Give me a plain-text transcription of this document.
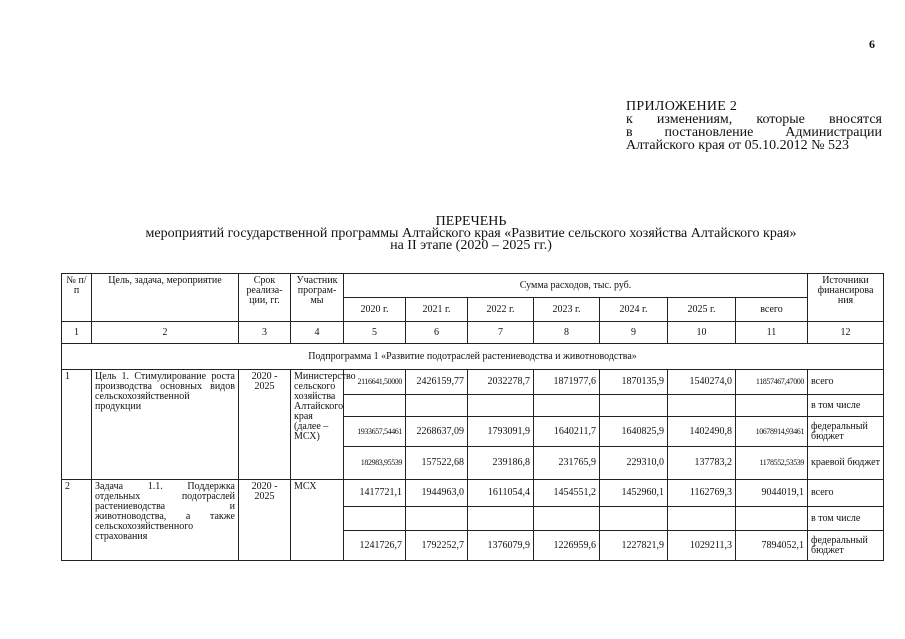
6
ПРИЛОЖЕНИЕ 2
к изменениям, которые вносятся
в постановление Администрации
Алтайского края от 05.10.2012 № 523
ПЕРЕЧЕНЬ
мероприятий государственной программы Алтайского края «Развитие сельского хозяйства Алтайского края»
на II этапе (2020 – 2025 гг.)
№ п/п	Цель, задача, мероприятие	Срок реализа-ции, гг.	Участник програм-мы	Сумма расходов, тыс. руб.							Источники финансирова ния
				2020 г.	2021 г.	2022 г.	2023 г.	2024 г.	2025 г.	всего	
1	2	3	4	5	6	7	8	9	10	11	12
Подпрограмма 1 «Развитие подотраслей растениеводства и животноводства»											
1	Цель 1. Стимулирование роста производства основных видов сельскохозяйственной продукции	2020 - 2025	Министерство сельского хозяйства Алтайского края (далее – МСХ)	2116641,50000	2426159,77	2032278,7	1871977,6	1870135,9	1540274,0	11857467,47000	всего
											в том числе
				1933657,54461	2268637,09	1793091,9	1640211,7	1640825,9	1402490,8	10678914,93461	федеральный бюджет
				182983,95539	157522,68	239186,8	231765,9	229310,0	137783,2	1178552,53539	краевой бюджет
2	Задача 1.1. Поддержка отдельных подотраслей растениеводства и животноводства, а также сельскохозяйственного страхования	2020 - 2025	МСХ	1417721,1	1944963,0	1611054,4	1454551,2	1452960,1	1162769,3	9044019,1	всего
											в том числе
				1241726,7	1792252,7	1376079,9	1226959,6	1227821,9	1029211,3	7894052,1	федеральный бюджет
